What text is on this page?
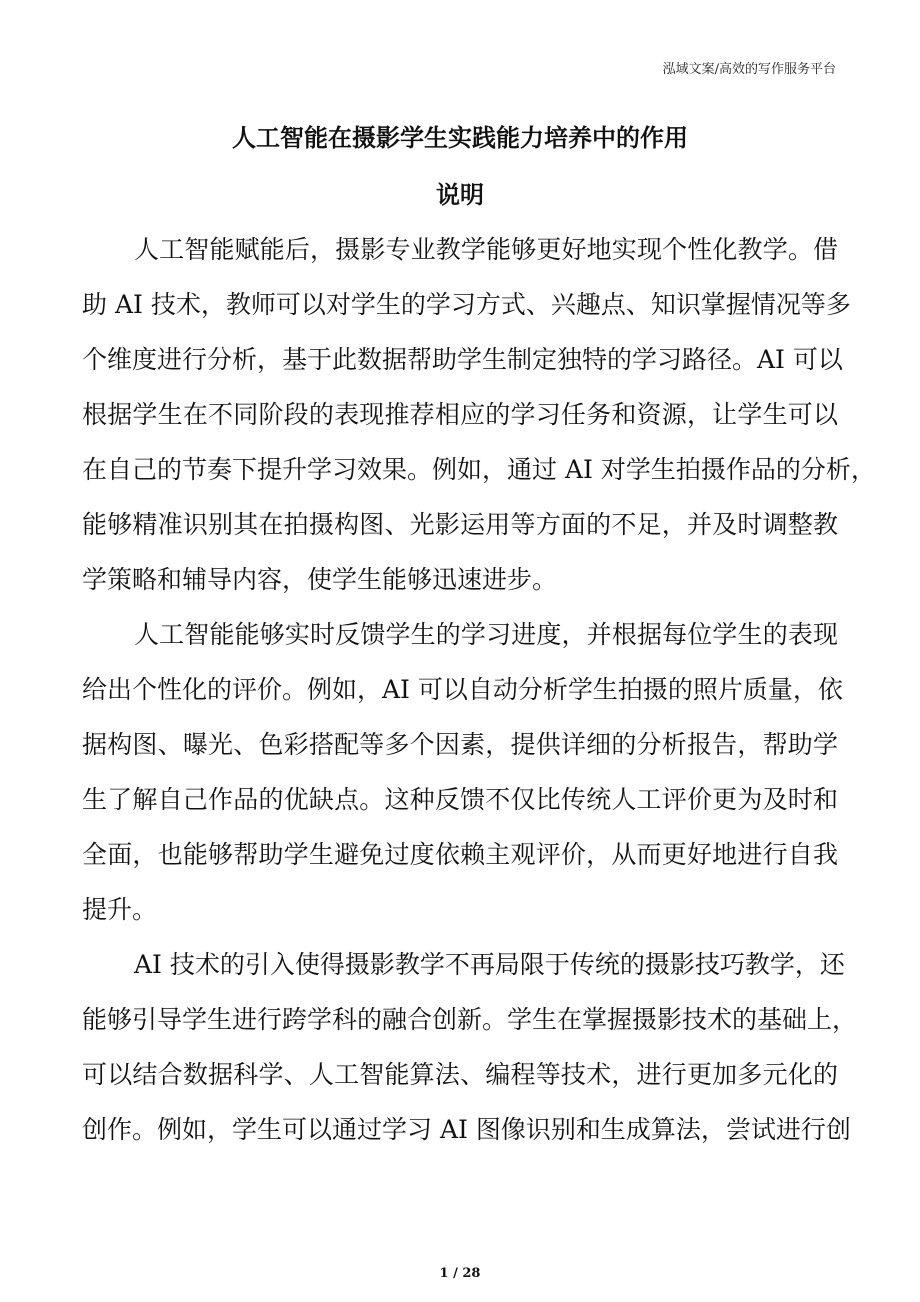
泓域文案/高效的写作服务平台
人工智能在摄影学生实践能力培养中的作用
说明
人工智能赋能后，摄影专业教学能够更好地实现个性化教学。借
助 AI 技术，教师可以对学生的学习方式、兴趣点、知识掌握情况等多
个维度进行分析，基于此数据帮助学生制定独特的学习路径。AI 可以
根据学生在不同阶段的表现推荐相应的学习任务和资源，让学生可以
在自己的节奏下提升学习效果。例如，通过 AI 对学生拍摄作品的分析，
能够精准识别其在拍摄构图、光影运用等方面的不足，并及时调整教
学策略和辅导内容，使学生能够迅速进步。
人工智能能够实时反馈学生的学习进度，并根据每位学生的表现
给出个性化的评价。例如，AI 可以自动分析学生拍摄的照片质量，依
据构图、曝光、色彩搭配等多个因素，提供详细的分析报告，帮助学
生了解自己作品的优缺点。这种反馈不仅比传统人工评价更为及时和
全面，也能够帮助学生避免过度依赖主观评价，从而更好地进行自我
提升。
AI 技术的引入使得摄影教学不再局限于传统的摄影技巧教学，还
能够引导学生进行跨学科的融合创新。学生在掌握摄影技术的基础上，
可以结合数据科学、人工智能算法、编程等技术，进行更加多元化的
创作。例如，学生可以通过学习 AI 图像识别和生成算法，尝试进行创
1 / 28
